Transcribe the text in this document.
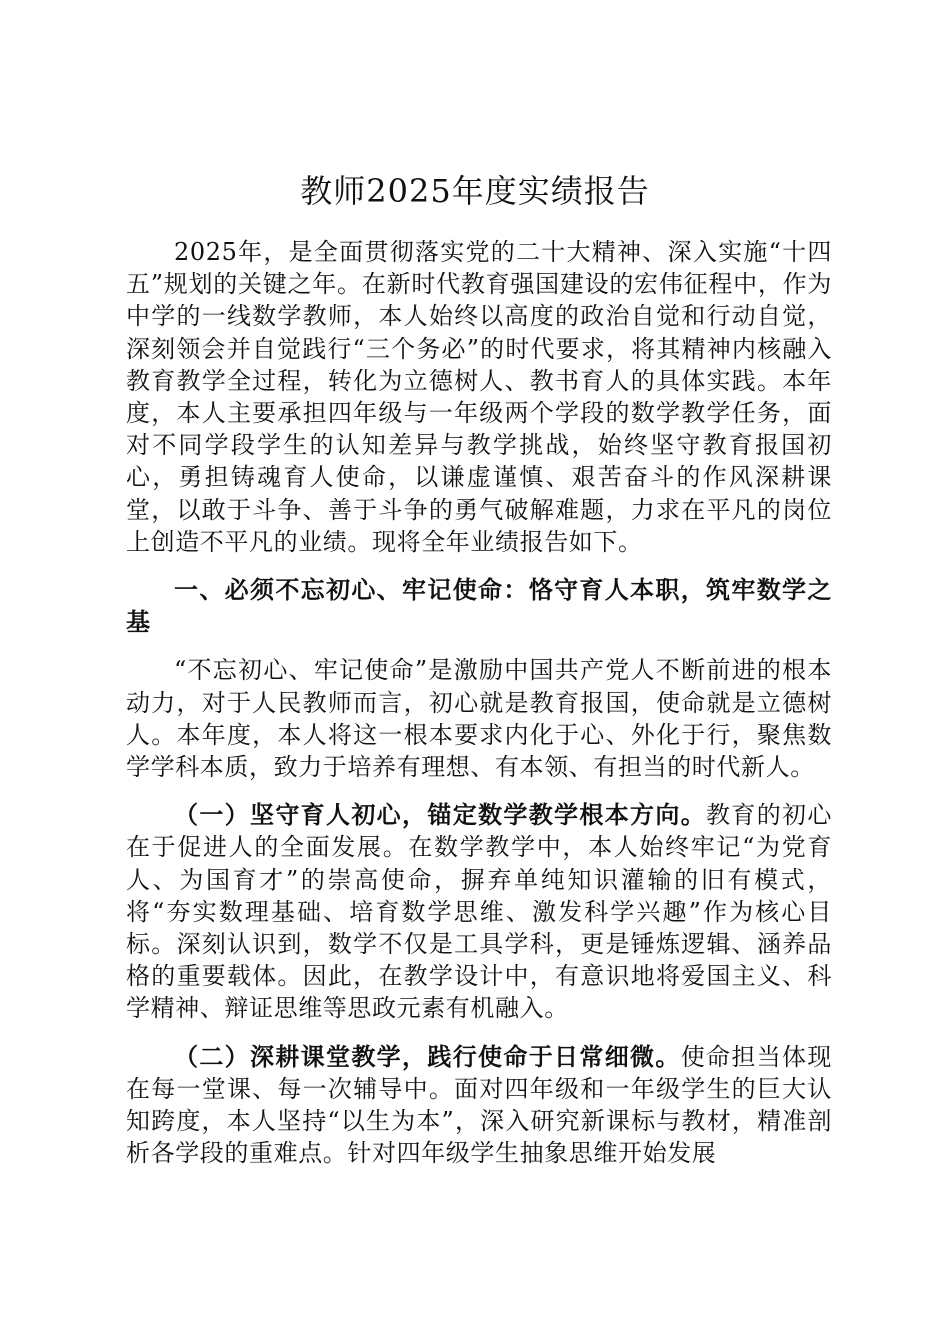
教师2025年度实绩报告

2025年，是全面贯彻落实党的二十大精神、深入实施“十四五”规划的关键之年。在新时代教育强国建设的宏伟征程中，作为中学的一线数学教师，本人始终以高度的政治自觉和行动自觉，深刻领会并自觉践行“三个务必”的时代要求，将其精神内核融入教育教学全过程，转化为立德树人、教书育人的具体实践。本年度，本人主要承担四年级与一年级两个学段的数学教学任务，面对不同学段学生的认知差异与教学挑战，始终坚守教育报国初心，勇担铸魂育人使命，以谦虚谨慎、艰苦奋斗的作风深耕课堂，以敢于斗争、善于斗争的勇气破解难题，力求在平凡的岗位上创造不平凡的业绩。现将全年业绩报告如下。

一、必须不忘初心、牢记使命：恪守育人本职，筑牢数学之基

“不忘初心、牢记使命”是激励中国共产党人不断前进的根本动力，对于人民教师而言，初心就是教育报国，使命就是立德树人。本年度，本人将这一根本要求内化于心、外化于行，聚焦数学学科本质，致力于培养有理想、有本领、有担当的时代新人。

（一）坚守育人初心，锚定数学教学根本方向。教育的初心在于促进人的全面发展。在数学教学中，本人始终牢记“为党育人、为国育才”的崇高使命，摒弃单纯知识灌输的旧有模式，将“夯实数理基础、培育数学思维、激发科学兴趣”作为核心目标。深刻认识到，数学不仅是工具学科，更是锤炼逻辑、涵养品格的重要载体。因此，在教学设计中，有意识地将爱国主义、科学精神、辩证思维等思政元素有机融入。

（二）深耕课堂教学，践行使命于日常细微。使命担当体现在每一堂课、每一次辅导中。面对四年级和一年级学生的巨大认知跨度，本人坚持“以生为本”，深入研究新课标与教材，精准剖析各学段的重难点。针对四年级学生抽象思维开始发展
